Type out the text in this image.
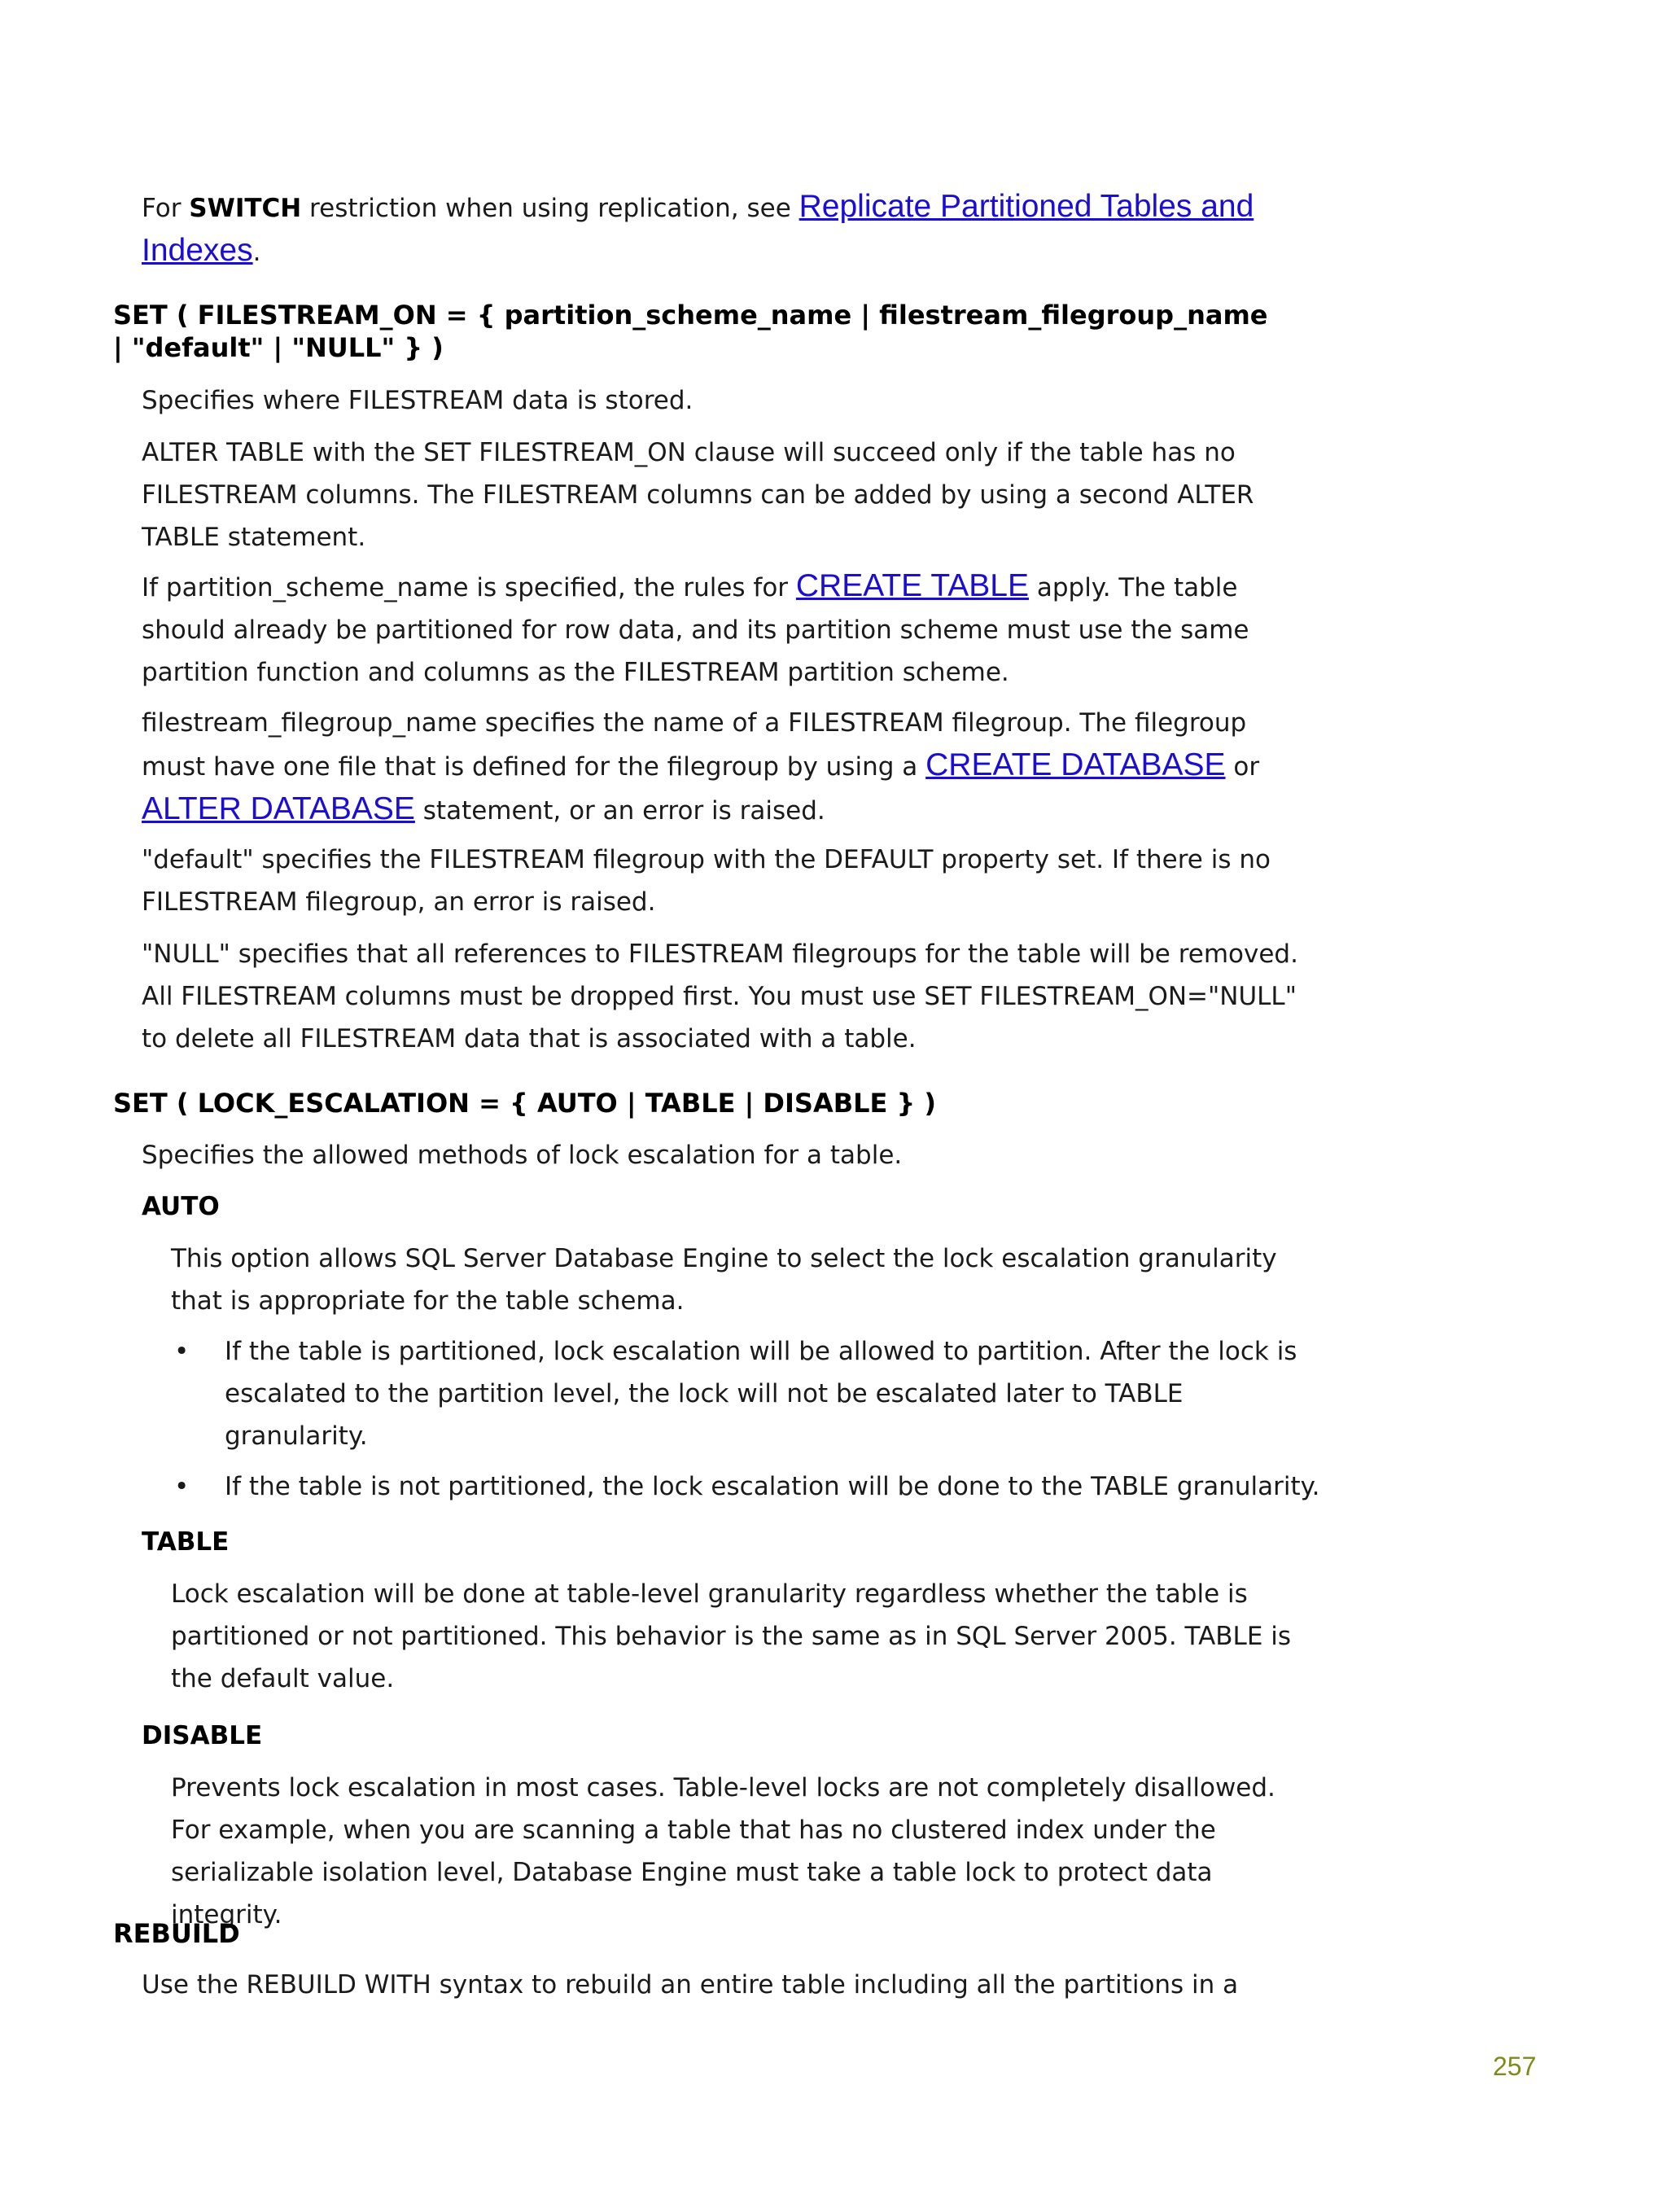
For SWITCH restriction when using replication, see Replicate Partitioned Tables and Indexes.

SET ( FILESTREAM_ON = { partition_scheme_name | filestream_filegroup_name | "default" | "NULL" } )

Specifies where FILESTREAM data is stored.

ALTER TABLE with the SET FILESTREAM_ON clause will succeed only if the table has no FILESTREAM columns. The FILESTREAM columns can be added by using a second ALTER TABLE statement.

If partition_scheme_name is specified, the rules for CREATE TABLE apply. The table should already be partitioned for row data, and its partition scheme must use the same partition function and columns as the FILESTREAM partition scheme.

filestream_filegroup_name specifies the name of a FILESTREAM filegroup. The filegroup must have one file that is defined for the filegroup by using a CREATE DATABASE or ALTER DATABASE statement, or an error is raised.

"default" specifies the FILESTREAM filegroup with the DEFAULT property set. If there is no FILESTREAM filegroup, an error is raised.

"NULL" specifies that all references to FILESTREAM filegroups for the table will be removed. All FILESTREAM columns must be dropped first. You must use SET FILESTREAM_ON="NULL" to delete all FILESTREAM data that is associated with a table.

SET ( LOCK_ESCALATION = { AUTO | TABLE | DISABLE } )

Specifies the allowed methods of lock escalation for a table.

AUTO

This option allows SQL Server Database Engine to select the lock escalation granularity that is appropriate for the table schema.

• If the table is partitioned, lock escalation will be allowed to partition. After the lock is escalated to the partition level, the lock will not be escalated later to TABLE granularity.
• If the table is not partitioned, the lock escalation will be done to the TABLE granularity.
TABLE

Lock escalation will be done at table-level granularity regardless whether the table is partitioned or not partitioned. This behavior is the same as in SQL Server 2005. TABLE is the default value.

DISABLE

Prevents lock escalation in most cases. Table-level locks are not completely disallowed. For example, when you are scanning a table that has no clustered index under the serializable isolation level, Database Engine must take a table lock to protect data integrity.

REBUILD

Use the REBUILD WITH syntax to rebuild an entire table including all the partitions in a

257
